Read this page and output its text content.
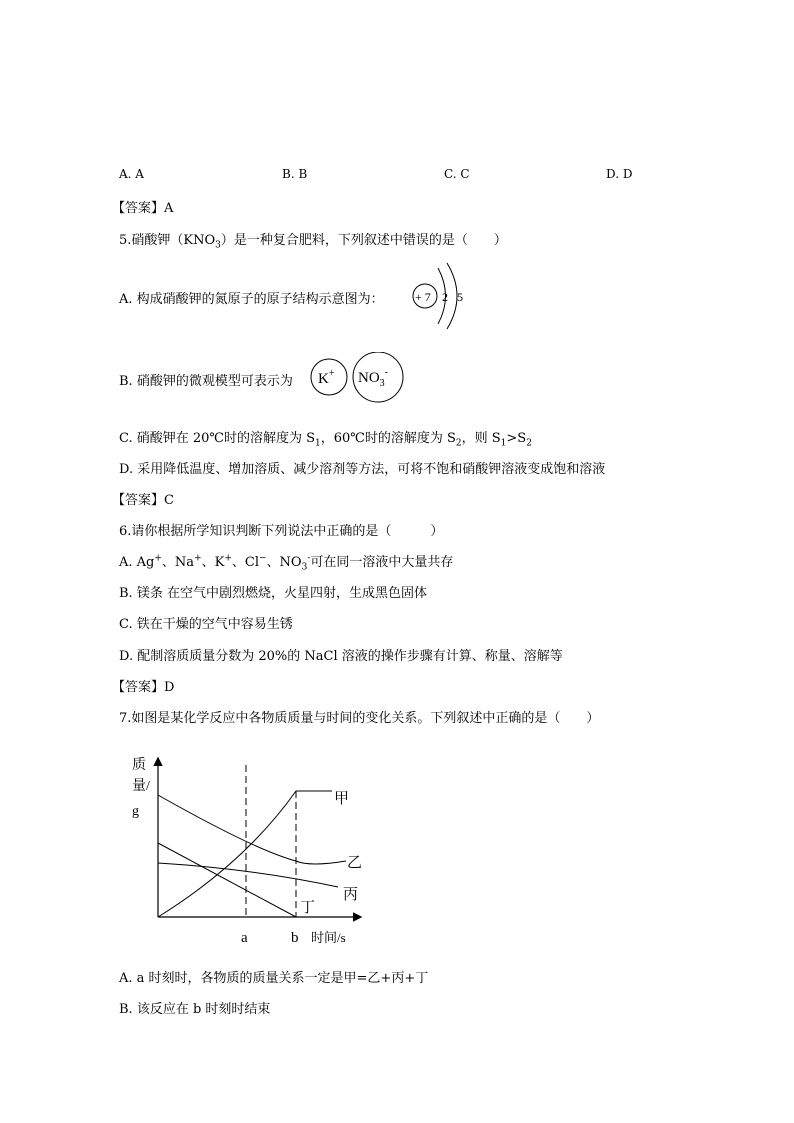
A. A	B. B	C. C	D. D
【答案】A
5.硝酸钾$(KNO_3)$是一种复合肥料，下列叙述中错误的是（　　）
A. 构成硝酸钾的氮原子的原子结构示意图为：	+ 7 2 5
B. 硝酸钾的微观模型可表示为 K+ $NO_3^-$
C. 硝酸钾在 20℃时的溶解度为 $S_1$，60℃时的溶解度为 $S_2$，则 $S_1>S_2$
D. 采用降低温度、增加溶质、减少溶剂等方法，可将不饱和硝酸钾溶液变成饱和溶液
【答案】C
6.请你根据所学知识判断下列说法中正确的是（　　　）
A. Ag+、Na+、K+、Cl−、$NO_3^-$可在同一溶液中大量共存
B. 镁条 在空气中剧烈燃烧，火星四射，生成黑色固体
C. 铁在干燥的空气中容易生锈
D. 配制溶质质量分数为 20%的 NaCl 溶液的操作步骤有计算、称量、溶解等
【答案】D
7.如图是某化学反应中各物质质量与时间的变化关系。下列叙述中正确的是（　　）
质
量/
g
甲
乙
丙
丁
a	b 时间/s
A. a 时刻时，各物质的质量关系一定是甲=乙+丙+丁
B. 该反应在 b 时刻时结束
